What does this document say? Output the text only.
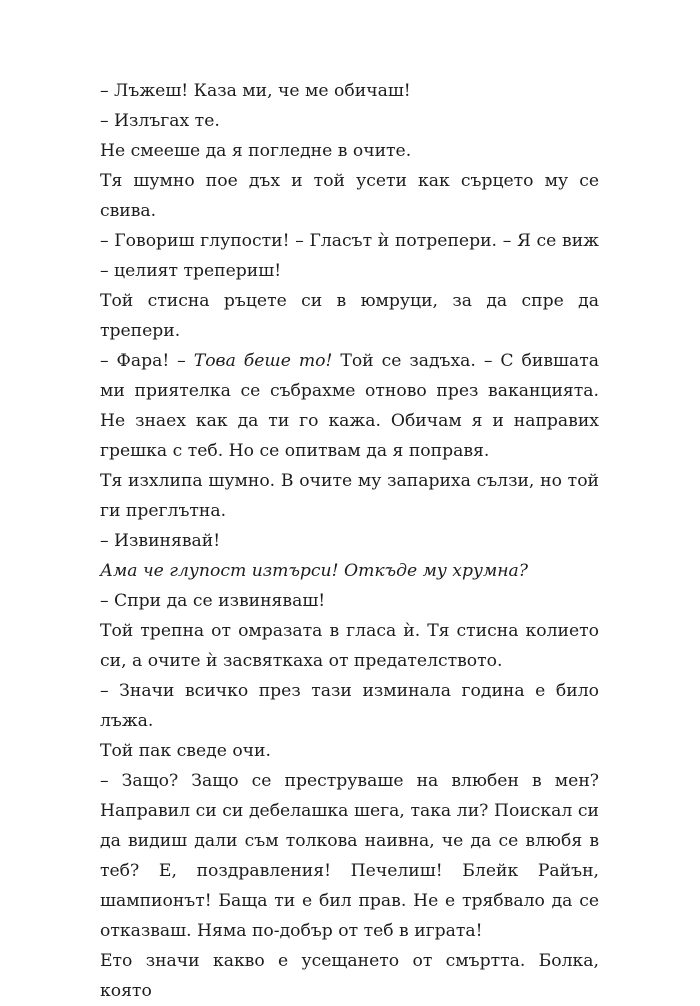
– Лъжеш! Каза ми, че ме обичаш!

– Излъгах те.

Не смееше да я погледне в очите.

Тя шумно пое дъх и той усети как сърцето му се свива.

– Говориш глупости! – Гласът ѝ потрепери. – Я се виж – целият трепериш!

Той стисна ръцете си в юмруци, за да спре да трепери.

– Фара! – Това беше то! Той се задъха. – С бившата ми приятелка се събрахме отново през ваканцията. Не знаех как да ти го кажа. Обичам я и направих грешка с теб. Но се опитвам да я поправя.

Тя изхлипа шумно. В очите му запариха сълзи, но той ги преглътна.

– Извинявай!

Ама че глупост изтърси! Откъде му хрумна?

– Спри да се извиняваш!

Той трепна от омразата в гласа ѝ. Тя стисна колието си, а очите ѝ засвяткаха от предателството.

– Значи всичко през тази изминала година е било лъжа.

Той пак сведе очи.

– Защо? Защо се преструваше на влюбен в мен? Направил си си дебелашка шега, така ли? Поискал си да видиш дали съм толкова наивна, че да се влюбя в теб? Е, поздравления! Печелиш! Блейк Райън, шампионът! Баща ти е бил прав. Не е трябвало да се отказваш. Няма по-добър от теб в играта!

Ето значи какво е усещането от смъртта. Болка, която
